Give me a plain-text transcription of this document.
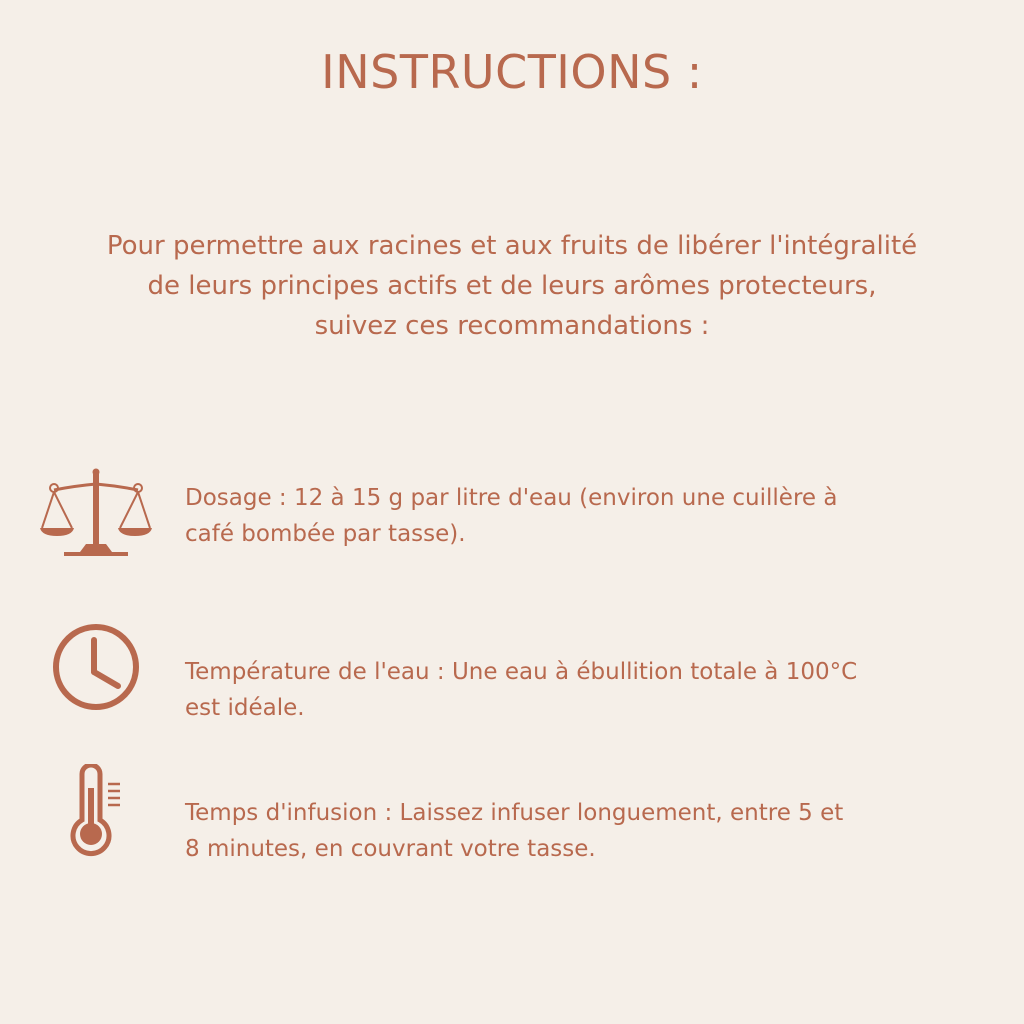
INSTRUCTIONS :
Pour permettre aux racines et aux fruits de libérer l'intégralité
de leurs principes actifs et de leurs arômes protecteurs,
suivez ces recommandations :
Dosage : 12 à 15 g par litre d'eau (environ une cuillère à
café bombée par tasse).
Température de l'eau : Une eau à ébullition totale à 100°C
est idéale.
Temps d'infusion : Laissez infuser longuement, entre 5 et
8 minutes, en couvrant votre tasse.
